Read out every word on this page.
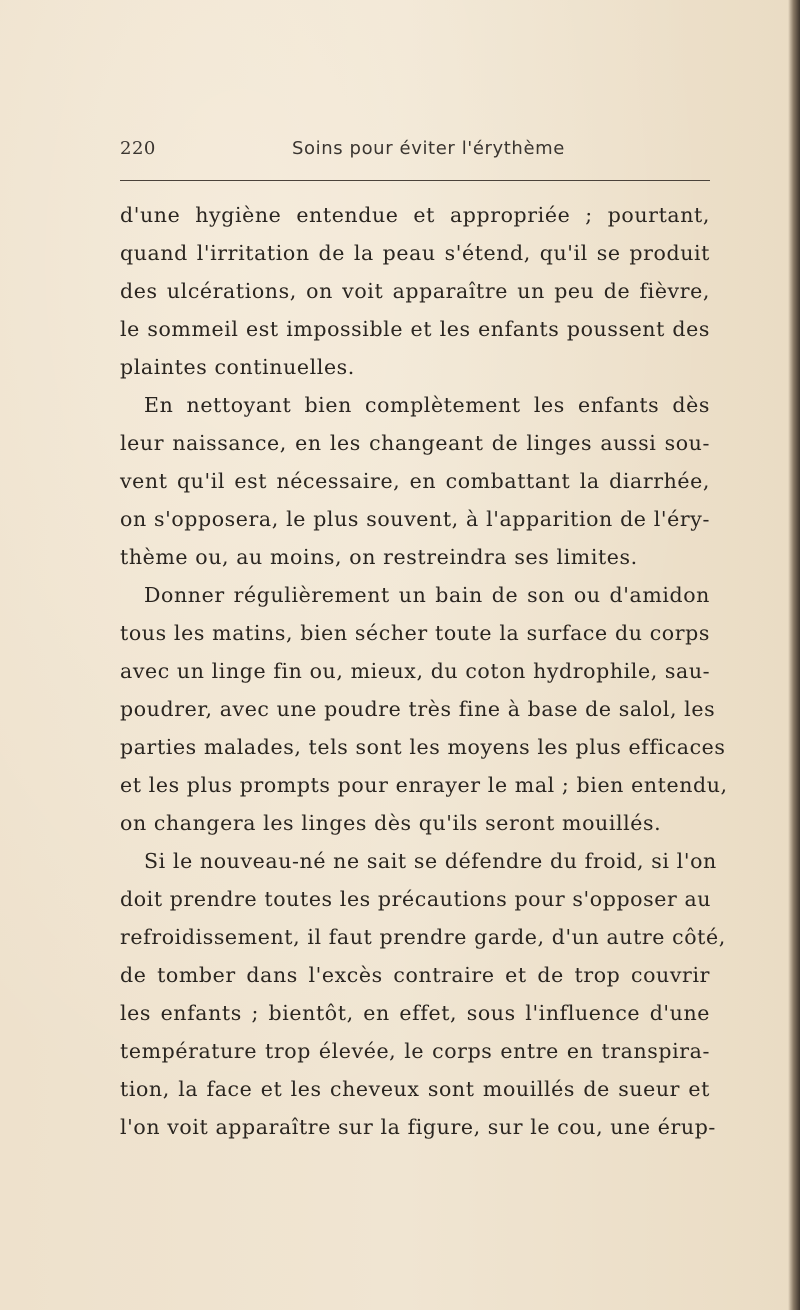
220	Soins pour éviter l'érythème
d'une hygiène entendue et appropriée ; pourtant,
quand l'irritation de la peau s'étend, qu'il se produit
des ulcérations, on voit apparaître un peu de fièvre,
le sommeil est impossible et les enfants poussent des
plaintes continuelles.
En nettoyant bien complètement les enfants dès
leur naissance, en les changeant de linges aussi sou-
vent qu'il est nécessaire, en combattant la diarrhée,
on s'opposera, le plus souvent, à l'apparition de l'éry-
thème ou, au moins, on restreindra ses limites.
Donner régulièrement un bain de son ou d'amidon
tous les matins, bien sécher toute la surface du corps
avec un linge fin ou, mieux, du coton hydrophile, sau-
poudrer, avec une poudre très fine à base de salol, les
parties malades, tels sont les moyens les plus efficaces
et les plus prompts pour enrayer le mal ; bien entendu,
on changera les linges dès qu'ils seront mouillés.
Si le nouveau-né ne sait se défendre du froid, si l'on
doit prendre toutes les précautions pour s'opposer au
refroidissement, il faut prendre garde, d'un autre côté,
de tomber dans l'excès contraire et de trop couvrir
les enfants ; bientôt, en effet, sous l'influence d'une
température trop élevée, le corps entre en transpira-
tion, la face et les cheveux sont mouillés de sueur et
l'on voit apparaître sur la figure, sur le cou, une érup-
